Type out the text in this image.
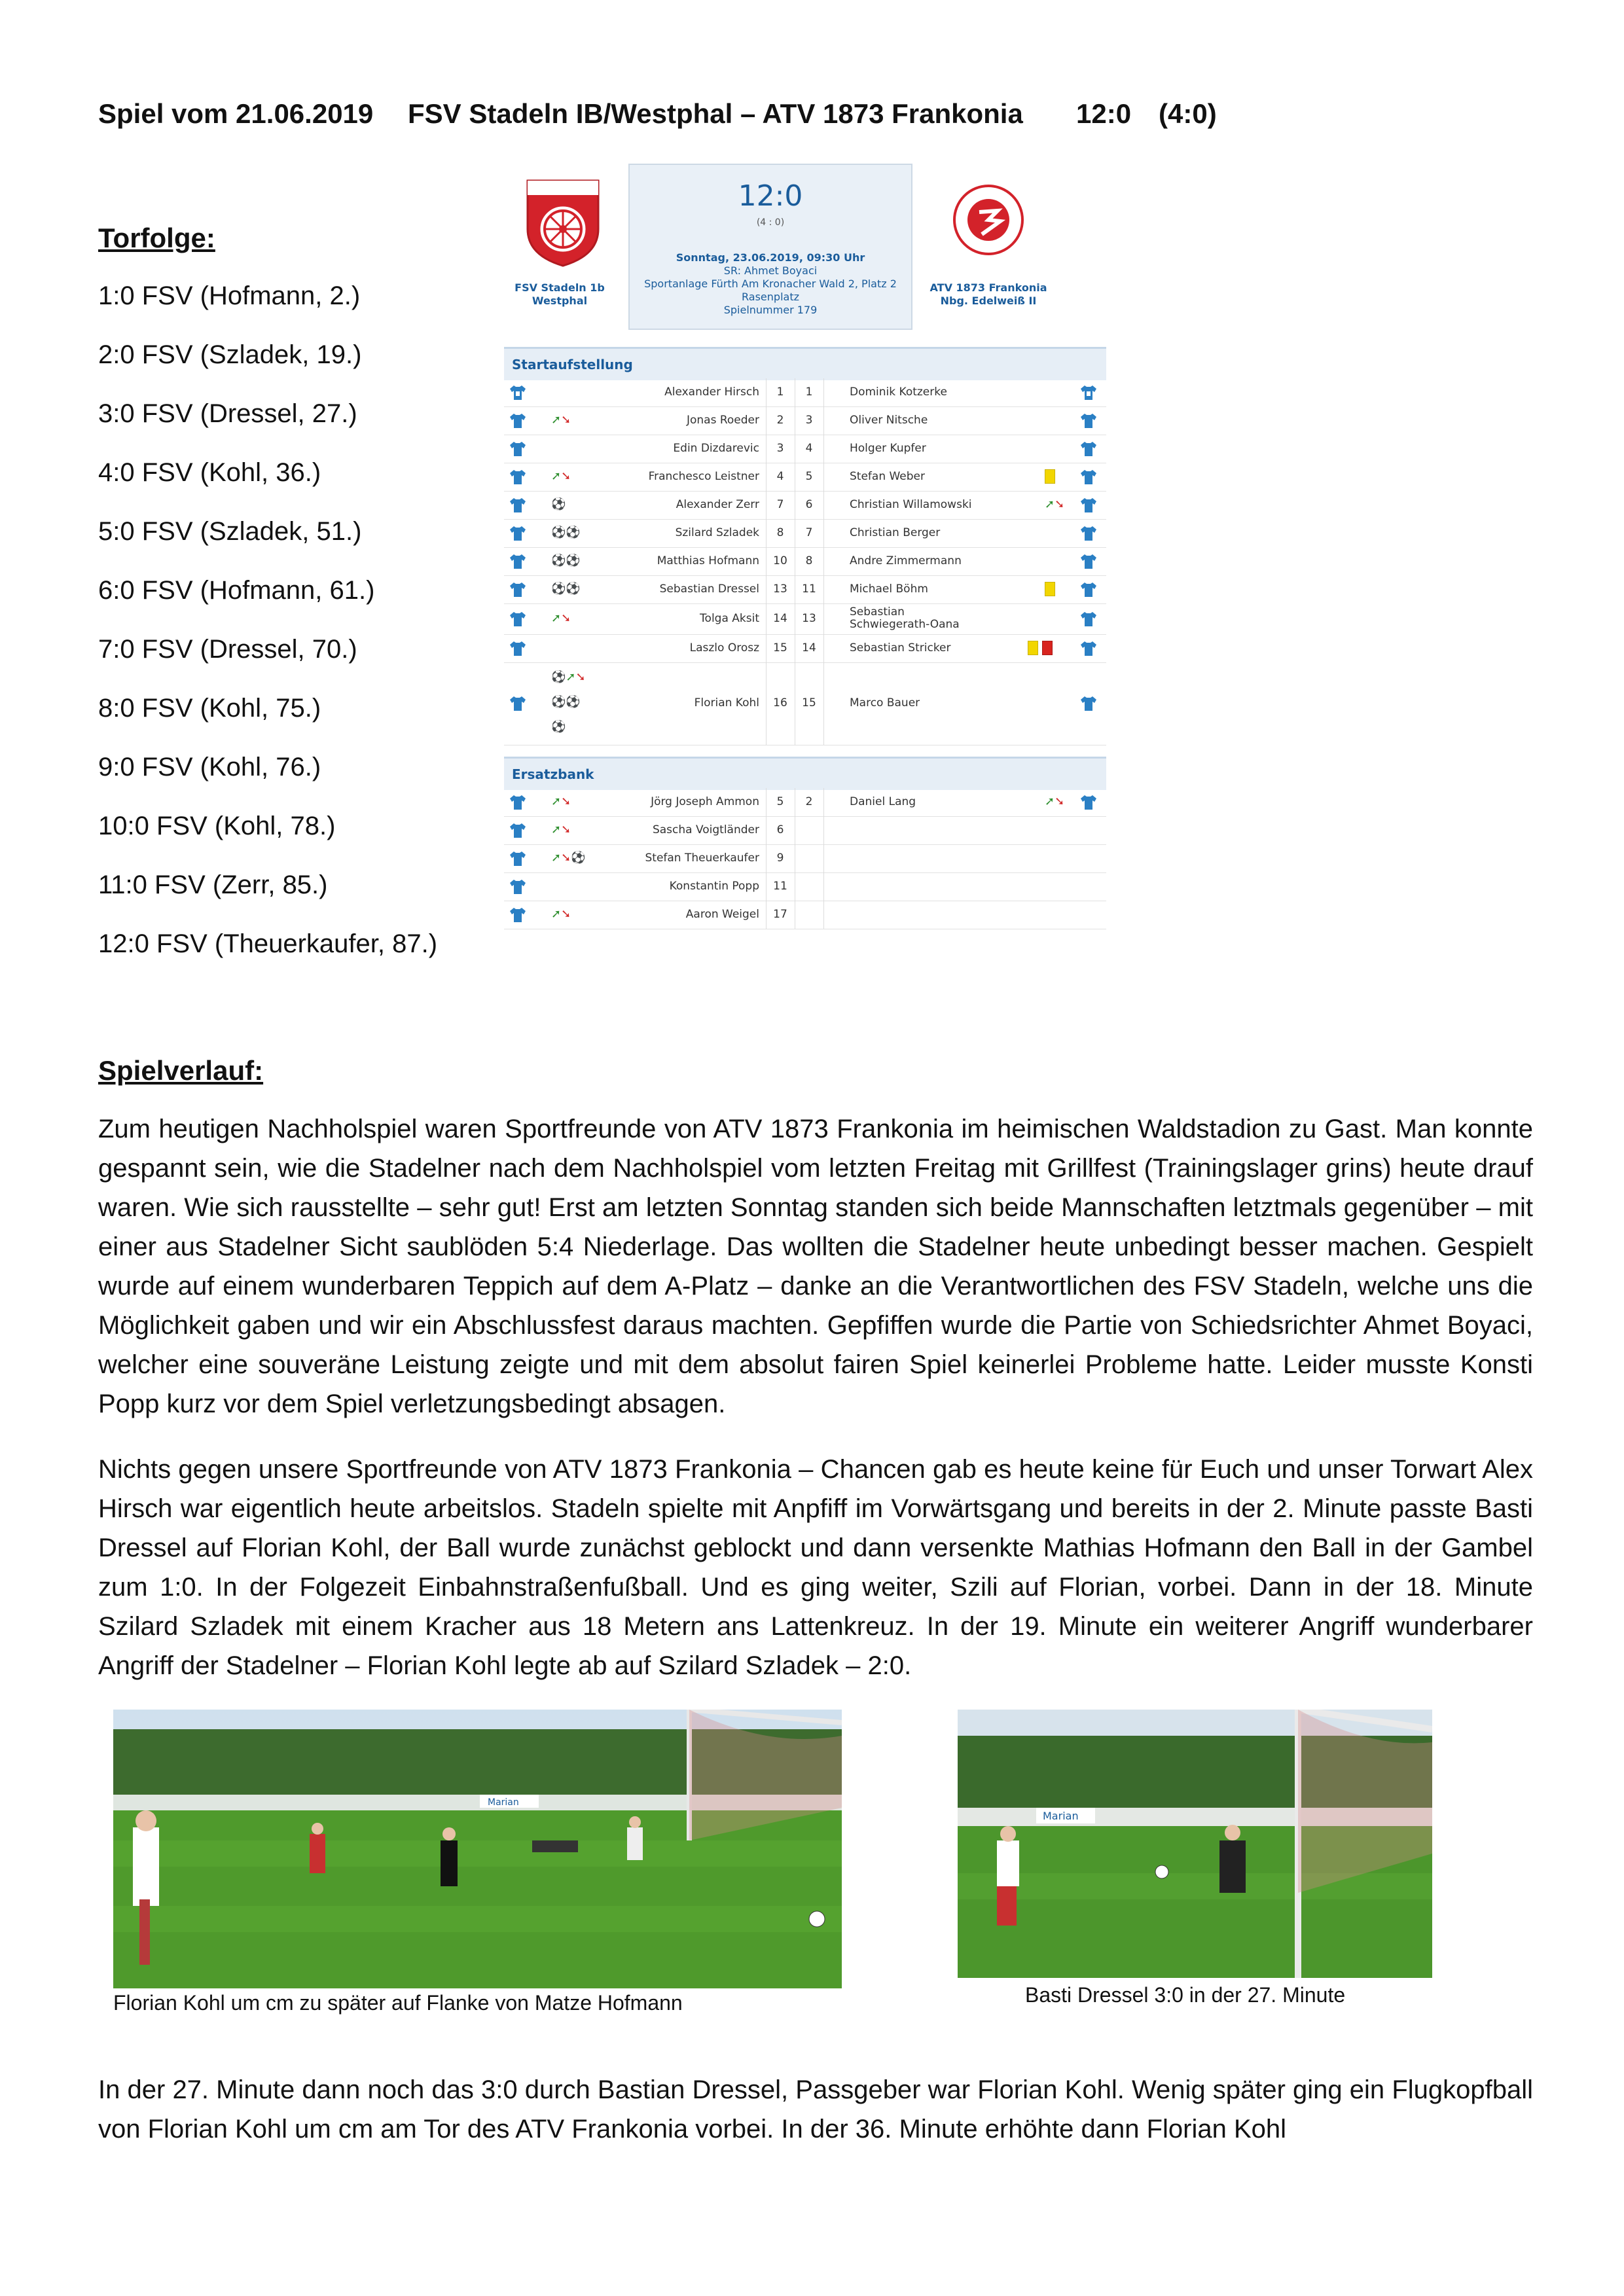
Spiel vom 21.06.2019 FSV Stadeln IB/Westphal – ATV 1873 Frankonia 12:0 (4:0)
Torfolge:
1:0 FSV (Hofmann, 2.)
2:0 FSV (Szladek, 19.)
3:0 FSV (Dressel, 27.)
4:0 FSV (Kohl, 36.)
5:0 FSV (Szladek, 51.)
6:0 FSV (Hofmann, 61.)
7:0 FSV (Dressel, 70.)
8:0 FSV (Kohl, 75.)
9:0 FSV (Kohl, 76.)
10:0 FSV (Kohl, 78.)
11:0 FSV (Zerr, 85.)
12:0 FSV (Theuerkaufer, 87.)
FSV Stadeln 1b
Westphal
ATV 1873 Frankonia
Nbg. Edelweiß II
12:0
(4 : 0)
Sonntag, 23.06.2019, 09:30 Uhr
SR: Ahmet Boyaci
Sportanlage Fürth Am Kronacher Wald 2, Platz 2
Rasenplatz
Spielnummer 179
Startaufstellung
Alexander Hirsch	1	1	Dominik Kotzerke
➚➘	Jonas Roeder	2	3	Oliver Nitsche
Edin Dizdarevic	3	4	Holger Kupfer
➚➘	Franchesco Leistner	4	5	Stefan Weber
⚽	Alexander Zerr	7	6	Christian Willamowski	➚➘
⚽⚽	Szilard Szladek	8	7	Christian Berger
⚽⚽	Matthias Hofmann	10	8	Andre Zimmermann
⚽⚽	Sebastian Dressel	13	11	Michael Böhm
➚➘	Tolga Aksit	14	13	Sebastian Schwiegerath-Oana
Laszlo Orosz	15	14	Sebastian Stricker

⚽➚➘
⚽⚽
⚽
Florian Kohl	16	15	Marco Bauer
Ersatzbank
➚➘	Jörg Joseph Ammon	5	2	Daniel Lang	➚➘
➚➘	Sascha Voigtländer	6
➚➘⚽	Stefan Theuerkaufer	9
Konstantin Popp	11
➚➘	Aaron Weigel	17
Spielverlauf:

Zum heutigen Nachholspiel waren Sportfreunde von ATV 1873 Frankonia im heimischen Waldstadion zu Gast. Man konnte gespannt sein, wie die Stadelner nach dem Nachholspiel vom letzten Freitag mit Grillfest (Trainingslager grins) heute drauf waren. Wie sich rausstellte – sehr gut! Erst am letzten Sonntag standen sich beide Mannschaften letztmals gegenüber – mit einer aus Stadelner Sicht saublöden 5:4 Niederlage. Das wollten die Stadelner heute unbedingt besser machen. Gespielt wurde auf einem wunderbaren Teppich auf dem A-Platz – danke an die Verantwortlichen des FSV Stadeln, welche uns die Möglichkeit gaben und wir ein Abschlussfest daraus machten. Gepfiffen wurde die Partie von Schiedsrichter Ahmet Boyaci, welcher eine souveräne Leistung zeigte und mit dem absolut fairen Spiel keinerlei Probleme hatte. Leider musste Konsti Popp kurz vor dem Spiel verletzungsbedingt absagen.

Nichts gegen unsere Sportfreunde von ATV 1873 Frankonia – Chancen gab es heute keine für Euch und unser Torwart Alex Hirsch war eigentlich heute arbeitslos. Stadeln spielte mit Anpfiff im Vorwärtsgang und bereits in der 2. Minute passte Basti Dressel auf Florian Kohl, der Ball wurde zunächst geblockt und dann versenkte Mathias Hofmann den Ball in der Gambel zum 1:0. In der Folgezeit Einbahnstraßenfußball. Und es ging weiter, Szili auf Florian, vorbei. Dann in der 18. Minute Szilard Szladek mit einem Kracher aus 18 Metern ans Lattenkreuz. In der 19. Minute ein weiterer Angriff wunderbarer Angriff der Stadelner – Florian Kohl legte ab auf Szilard Szladek – 2:0.

Marian
Florian Kohl um cm zu später auf Flanke von Matze Hofmann
Marian
Basti Dressel 3:0 in der 27. Minute

In der 27. Minute dann noch das 3:0 durch Bastian Dressel, Passgeber war Florian Kohl. Wenig später ging ein Flugkopfball von Florian Kohl um cm am Tor des ATV Frankonia vorbei. In der 36. Minute erhöhte dann Florian Kohl
